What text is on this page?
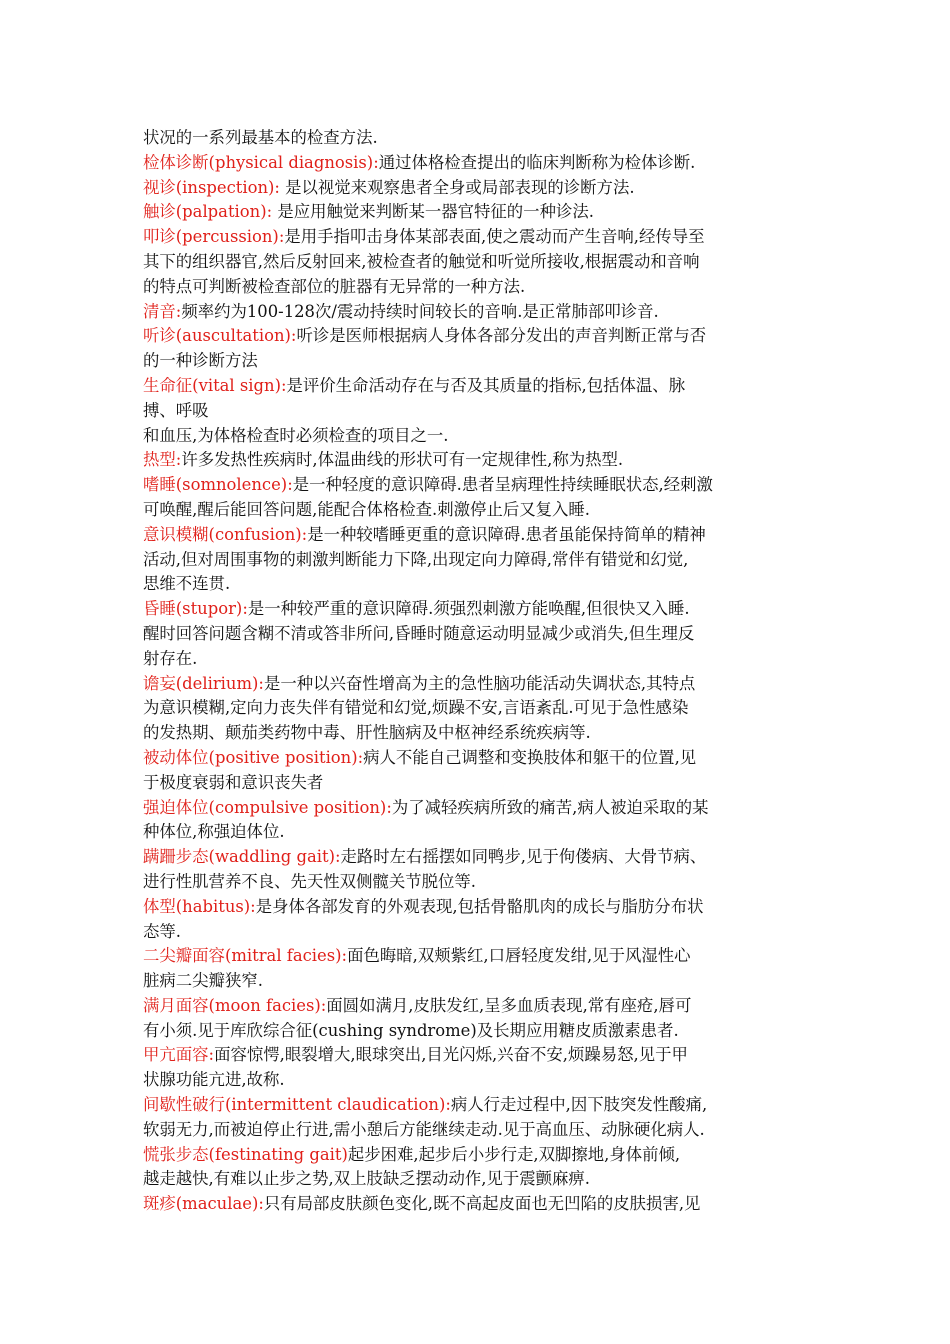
状况的一系列最基本的检查方法.
检体诊断(physical diagnosis):通过体格检查提出的临床判断称为检体诊断.
视诊(inspection): 是以视觉来观察患者全身或局部表现的诊断方法.
触诊(palpation): 是应用触觉来判断某一器官特征的一种诊法.
叩诊(percussion):是用手指叩击身体某部表面,使之震动而产生音响,经传导至
其下的组织器官,然后反射回来,被检查者的触觉和听觉所接收,根据震动和音响
的特点可判断被检查部位的脏器有无异常的一种方法.
清音:频率约为100-128次/震动持续时间较长的音响.是正常肺部叩诊音.
听诊(auscultation):听诊是医师根据病人身体各部分发出的声音判断正常与否
的一种诊断方法
生命征(vital sign):是评价生命活动存在与否及其质量的指标,包括体温、脉
搏、呼吸
和血压,为体格检查时必须检查的项目之一.
热型:许多发热性疾病时,体温曲线的形状可有一定规律性,称为热型.
嗜睡(somnolence):是一种轻度的意识障碍.患者呈病理性持续睡眠状态,经刺激
可唤醒,醒后能回答问题,能配合体格检查.刺激停止后又复入睡.
意识模糊(confusion):是一种较嗜睡更重的意识障碍.患者虽能保持简单的精神
活动,但对周围事物的刺激判断能力下降,出现定向力障碍,常伴有错觉和幻觉,
思维不连贯.
昏睡(stupor):是一种较严重的意识障碍.须强烈刺激方能唤醒,但很快又入睡.
醒时回答问题含糊不清或答非所问,昏睡时随意运动明显减少或消失,但生理反
射存在.
谵妄(delirium):是一种以兴奋性增高为主的急性脑功能活动失调状态,其特点
为意识模糊,定向力丧失伴有错觉和幻觉,烦躁不安,言语紊乱.可见于急性感染
的发热期、颠茄类药物中毒、肝性脑病及中枢神经系统疾病等.
被动体位(positive position):病人不能自己调整和变换肢体和躯干的位置,见
于极度衰弱和意识丧失者
强迫体位(compulsive position):为了减轻疾病所致的痛苦,病人被迫采取的某
种体位,称强迫体位.
蹒跚步态(waddling gait):走路时左右摇摆如同鸭步,见于佝偻病、大骨节病、
进行性肌营养不良、先天性双侧髋关节脱位等.
体型(habitus):是身体各部发育的外观表现,包括骨骼肌肉的成长与脂肪分布状
态等.
二尖瓣面容(mitral facies):面色晦暗,双颊紫红,口唇轻度发绀,见于风湿性心
脏病二尖瓣狭窄.
满月面容(moon facies):面圆如满月,皮肤发红,呈多血质表现,常有座疮,唇可
有小须.见于库欣综合征(cushing syndrome)及长期应用糖皮质激素患者.
甲亢面容:面容惊愕,眼裂增大,眼球突出,目光闪烁,兴奋不安,烦躁易怒,见于甲
状腺功能亢进,故称.
间歇性破行(intermittent claudication):病人行走过程中,因下肢突发性酸痛,
软弱无力,而被迫停止行进,需小憩后方能继续走动.见于高血压、动脉硬化病人.
慌张步态(festinating gait)起步困难,起步后小步行走,双脚擦地,身体前倾,
越走越快,有难以止步之势,双上肢缺乏摆动动作,见于震颤麻痹.
斑疹(maculae):只有局部皮肤颜色变化,既不高起皮面也无凹陷的皮肤损害,见
